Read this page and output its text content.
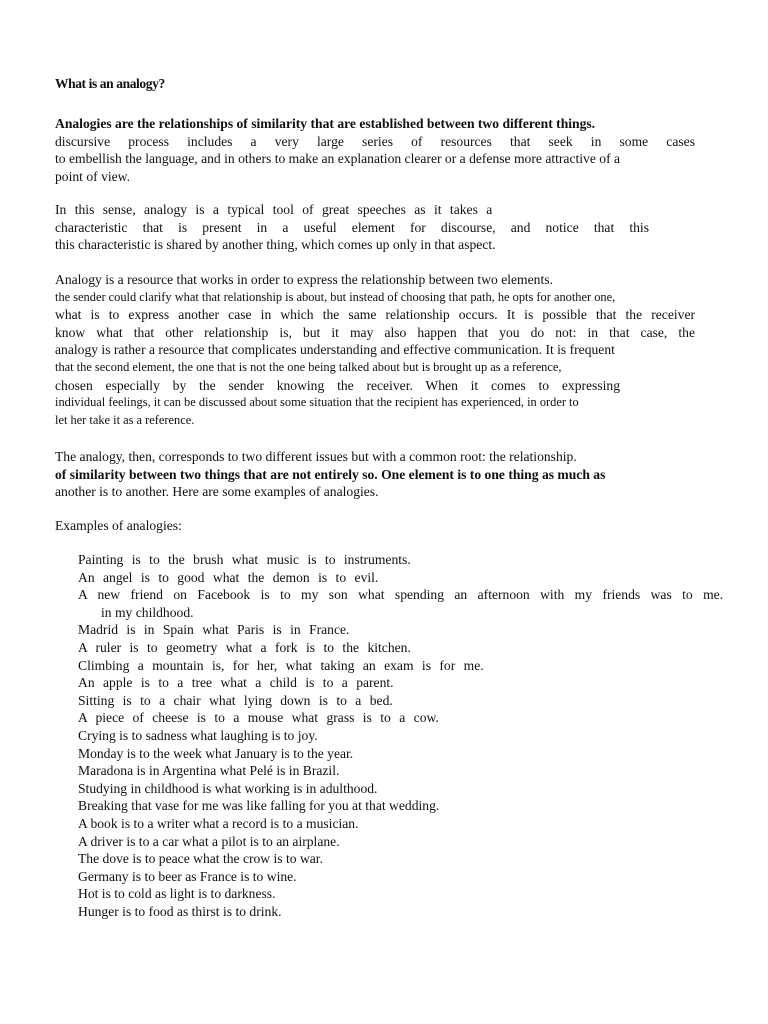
What is an analogy?
Analogies are the relationships of similarity that are established between two different things.
discursive process includes a very large series of resources that seek in some cases
to embellish the language, and in others to make an explanation clearer or a defense more attractive of a
point of view.
In this sense, analogy is a typical tool of great speeches as it takes a
characteristic that is present in a useful element for discourse, and notice that this
this characteristic is shared by another thing, which comes up only in that aspect.
Analogy is a resource that works in order to express the relationship between two elements.
the sender could clarify what that relationship is about, but instead of choosing that path, he opts for another one,
what is to express another case in which the same relationship occurs. It is possible that the receiver
know what that other relationship is, but it may also happen that you do not: in that case, the
analogy is rather a resource that complicates understanding and effective communication. It is frequent
that the second element, the one that is not the one being talked about but is brought up as a reference,
chosen especially by the sender knowing the receiver. When it comes to expressing
individual feelings, it can be discussed about some situation that the recipient has experienced, in order to
let her take it as a reference.
The analogy, then, corresponds to two different issues but with a common root: the relationship.
of similarity between two things that are not entirely so. One element is to one thing as much as
another is to another. Here are some examples of analogies.
Examples of analogies:
Painting is to the brush what music is to instruments.
An angel is to good what the demon is to evil.
A new friend on Facebook is to my son what spending an afternoon with my friends was to me.
in my childhood.
Madrid is in Spain what Paris is in France.
A ruler is to geometry what a fork is to the kitchen.
Climbing a mountain is, for her, what taking an exam is for me.
An apple is to a tree what a child is to a parent.
Sitting is to a chair what lying down is to a bed.
A piece of cheese is to a mouse what grass is to a cow.
Crying is to sadness what laughing is to joy.
Monday is to the week what January is to the year.
Maradona is in Argentina what Pelé is in Brazil.
Studying in childhood is what working is in adulthood.
Breaking that vase for me was like falling for you at that wedding.
A book is to a writer what a record is to a musician.
A driver is to a car what a pilot is to an airplane.
The dove is to peace what the crow is to war.
Germany is to beer as France is to wine.
Hot is to cold as light is to darkness.
Hunger is to food as thirst is to drink.
